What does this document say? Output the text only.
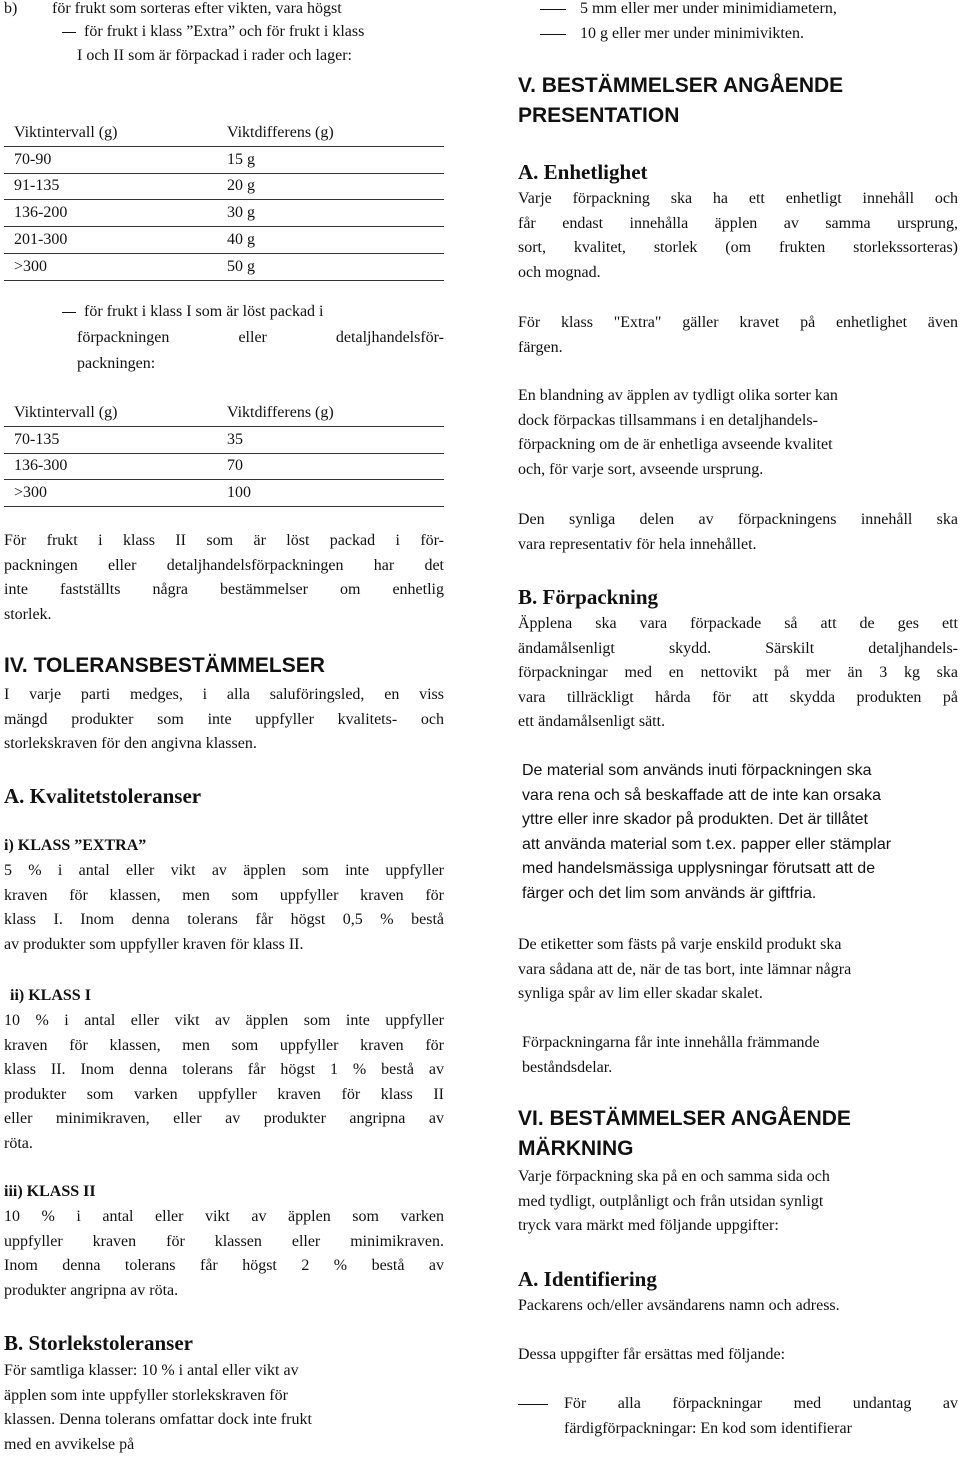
b) för frukt som sorteras efter vikten, vara högst
för frukt i klass ”Extra” och för frukt i klass
I och II som är förpackad i rader och lager:
Viktintervall (g)	Viktdifferens (g)
70-90	15 g
91-135	20 g
136-200	30 g
201-300	40 g
>300	50 g
för frukt i klass I som är löst packad i
förpackningen	eller	detaljhandelsför-
packningen:
Viktintervall (g)	Viktdifferens (g)
70-135	35
136-300	70
>300	100
För frukt i klass II som är löst packad i för-
packningen eller detaljhandelsförpackningen har det
inte fastställts några bestämmelser om enhetlig
storlek.
IV. TOLERANSBESTÄMMELSER
I varje parti medges, i alla saluföringsled, en viss
mängd produkter som inte uppfyller kvalitets- och
storlekskraven för den angivna klassen.
A. Kvalitetstoleranser
i) KLASS ”EXTRA”
5 % i antal eller vikt av äpplen som inte uppfyller
kraven för klassen, men som uppfyller kraven för
klass I. Inom denna tolerans får högst 0,5 % bestå
av produkter som uppfyller kraven för klass II.
ii) KLASS I
10 % i antal eller vikt av äpplen som inte uppfyller
kraven för klassen, men som uppfyller kraven för
klass II. Inom denna tolerans får högst 1 % bestå av
produkter som varken uppfyller kraven för klass II
eller minimikraven, eller av produkter angripna av
röta.
iii) KLASS II
10 % i antal eller vikt av äpplen som varken
uppfyller kraven för klassen eller minimikraven.
Inom denna tolerans får högst 2 % bestå av
produkter angripna av röta.
B. Storlekstoleranser
För samtliga klasser: 10 % i antal eller vikt av
äpplen som inte uppfyller storlekskraven för
klassen. Denna tolerans omfattar dock inte frukt
med en avvikelse på
5 mm eller mer under minimidiametern,
10 g eller mer under minimivikten.
V. BESTÄMMELSER ANGÅENDE
PRESENTATION
A. Enhetlighet
Varje förpackning ska ha ett enhetligt innehåll och
får endast innehålla äpplen av samma ursprung,
sort, kvalitet, storlek (om frukten storlekssorteras)
och mognad.
För klass "Extra" gäller kravet på enhetlighet även
färgen.
En blandning av äpplen av tydligt olika sorter kan
dock förpackas tillsammans i en detaljhandels-
förpackning om de är enhetliga avseende kvalitet
och, för varje sort, avseende ursprung.
Den synliga delen av förpackningens innehåll ska
vara representativ för hela innehållet.
B. Förpackning
Äpplena ska vara förpackade så att de ges ett
ändamålsenligt skydd. Särskilt detaljhandels-
förpackningar med en nettovikt på mer än 3 kg ska
vara tillräckligt hårda för att skydda produkten på
ett ändamålsenligt sätt.
De material som används inuti förpackningen ska
vara rena och så beskaffade att de inte kan orsaka
yttre eller inre skador på produkten. Det är tillåtet
att använda material som t.ex. papper eller stämplar
med handelsmässiga upplysningar förutsatt att de
färger och det lim som används är giftfria.
De etiketter som fästs på varje enskild produkt ska
vara sådana att de, när de tas bort, inte lämnar några
synliga spår av lim eller skadar skalet.
Förpackningarna får inte innehålla främmande
beståndsdelar.
VI. BESTÄMMELSER ANGÅENDE
MÄRKNING
Varje förpackning ska på en och samma sida och
med tydligt, outplånligt och från utsidan synligt
tryck vara märkt med följande uppgifter:
A. Identifiering
Packarens och/eller avsändarens namn och adress.
Dessa uppgifter får ersättas med följande:
För alla förpackningar med undantag av
färdigförpackningar: En kod som identifierar
